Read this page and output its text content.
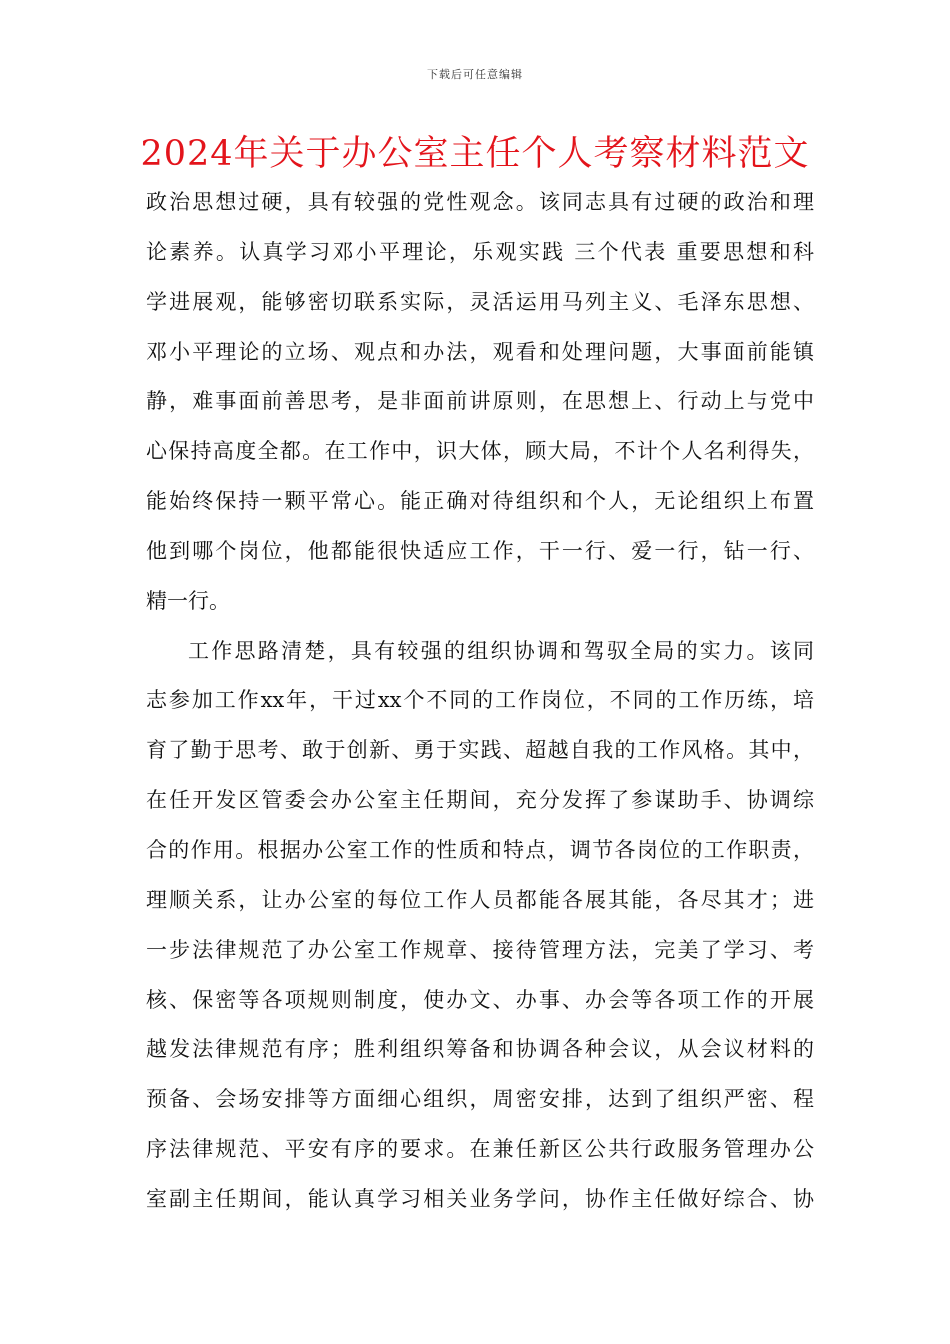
下载后可任意编辑
2024年关于办公室主任个人考察材料范文
政治思想过硬，具有较强的党性观念。该同志具有过硬的政治和理
论素养。认真学习邓小平理论，乐观实践 三个代表 重要思想和科
学进展观，能够密切联系实际，灵活运用马列主义、毛泽东思想、
邓小平理论的立场、观点和办法，观看和处理问题，大事面前能镇
静，难事面前善思考，是非面前讲原则，在思想上、行动上与党中
心保持高度全都。在工作中，识大体，顾大局，不计个人名利得失，
能始终保持一颗平常心。能正确对待组织和个人，无论组织上布置
他到哪个岗位，他都能很快适应工作，干一行、爱一行，钻一行、
精一行。
工作思路清楚，具有较强的组织协调和驾驭全局的实力。该同
志参加工作xx年，干过xx个不同的工作岗位，不同的工作历练，培
育了勤于思考、敢于创新、勇于实践、超越自我的工作风格。其中，
在任开发区管委会办公室主任期间，充分发挥了参谋助手、协调综
合的作用。根据办公室工作的性质和特点，调节各岗位的工作职责，
理顺关系，让办公室的每位工作人员都能各展其能，各尽其才；进
一步法律规范了办公室工作规章、接待管理方法，完美了学习、考
核、保密等各项规则制度，使办文、办事、办会等各项工作的开展
越发法律规范有序；胜利组织筹备和协调各种会议，从会议材料的
预备、会场安排等方面细心组织，周密安排，达到了组织严密、程
序法律规范、平安有序的要求。在兼任新区公共行政服务管理办公
室副主任期间，能认真学习相关业务学问，协作主任做好综合、协
